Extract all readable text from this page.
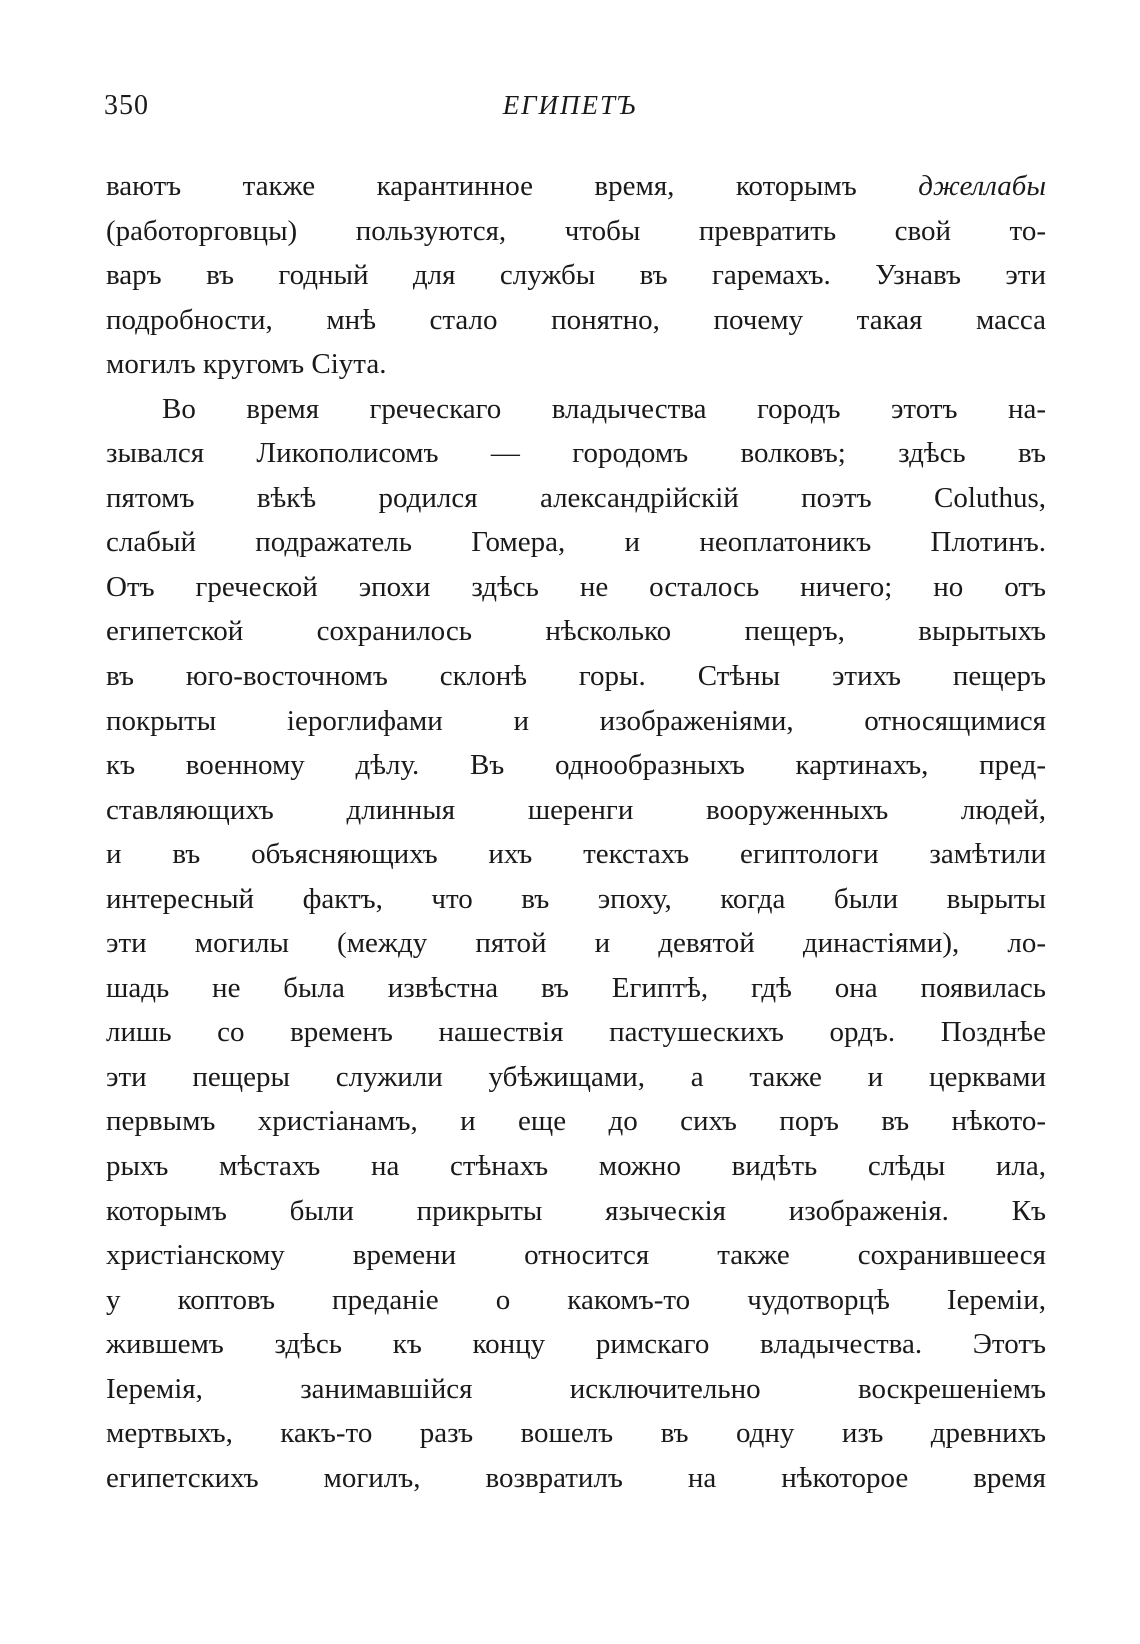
350	ЕГИПЕТЪ
ваютъ также карантинное время, которымъ джеллабы
(работорговцы) пользуются, чтобы превратить свой то-
варъ въ годный для службы въ гаремахъ. Узнавъ эти
подробности, мнѣ стало понятно, почему такая масса
могилъ кругомъ Сіута.
Во время греческаго владычества городъ этотъ на-
зывался Ликополисомъ — городомъ волковъ; здѣсь въ
пятомъ вѣкѣ родился александрійскій поэтъ Coluthus,
слабый подражатель Гомера, и неоплатоникъ Плотинъ.
Отъ греческой эпохи здѣсь не осталось ничего; но отъ
египетской сохранилось нѣсколько пещеръ, вырытыхъ
въ юго-восточномъ склонѣ горы. Стѣны этихъ пещеръ
покрыты іероглифами и изображеніями, относящимися
къ военному дѣлу. Въ однообразныхъ картинахъ, пред-
ставляющихъ длинныя шеренги вооруженныхъ людей,
и въ объясняющихъ ихъ текстахъ египтологи замѣтили
интересный фактъ, что въ эпоху, когда были вырыты
эти могилы (между пятой и девятой династіями), ло-
шадь не была извѣстна въ Египтѣ, гдѣ она появилась
лишь со временъ нашествія пастушескихъ ордъ. Позднѣе
эти пещеры служили убѣжищами, а также и церквами
первымъ христіанамъ, и еще до сихъ поръ въ нѣкото-
рыхъ мѣстахъ на стѣнахъ можно видѣть слѣды ила,
которымъ были прикрыты языческія изображенія. Къ
христіанскому времени относится также сохранившееся
у коптовъ преданіе о какомъ-то чудотворцѣ Іереміи,
жившемъ здѣсь къ концу римскаго владычества. Этотъ
Іеремія, занимавшійся исключительно воскрешеніемъ
мертвыхъ, какъ-то разъ вошелъ въ одну изъ древнихъ
египетскихъ могилъ, возвратилъ на нѣкоторое время
